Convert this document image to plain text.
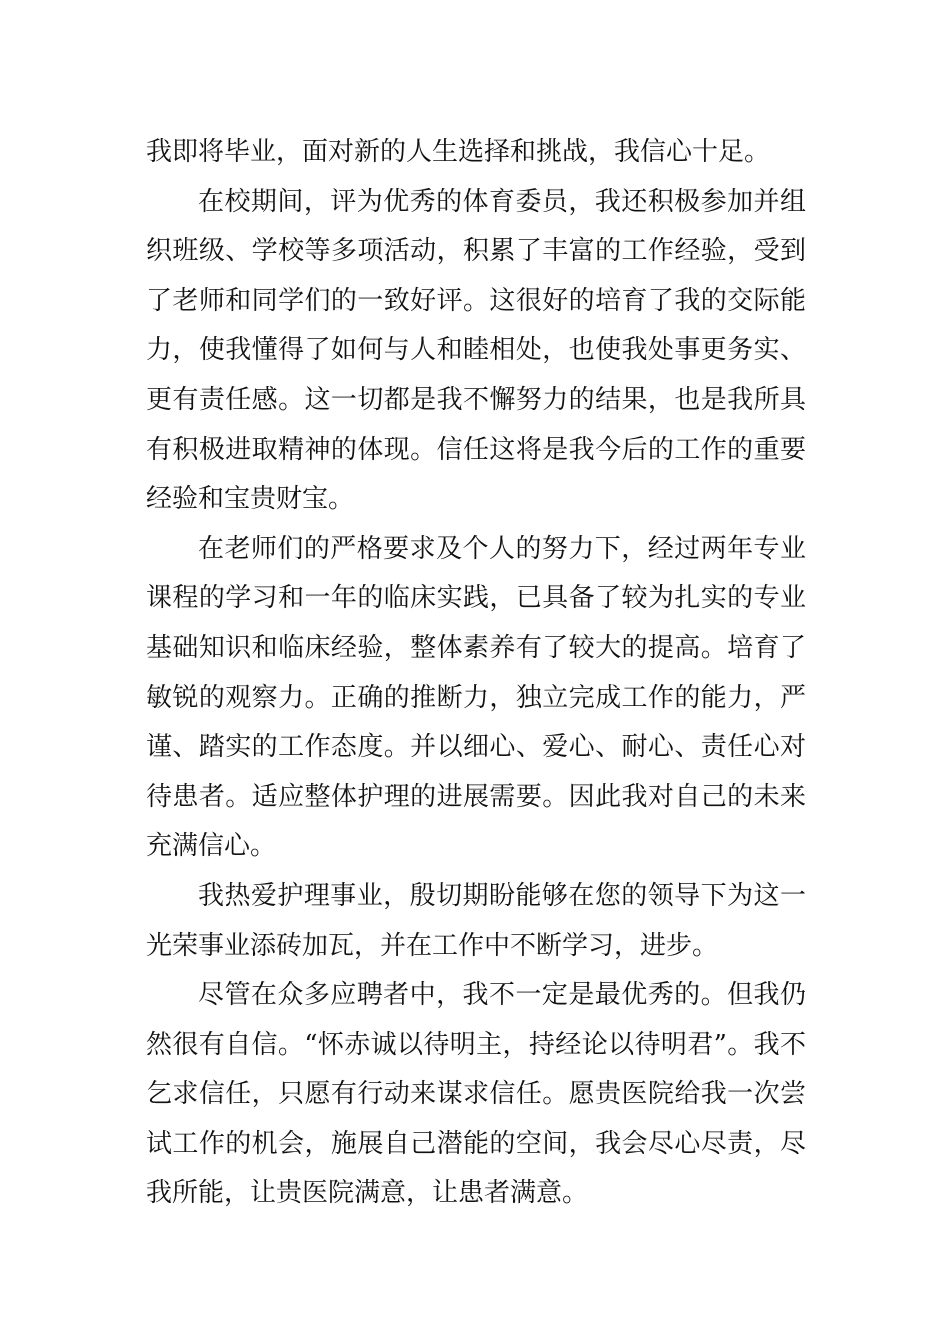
我即将毕业，面对新的人生选择和挑战，我信心十足。

在校期间，评为优秀的体育委员，我还积极参加并组织班级、学校等多项活动，积累了丰富的工作经验，受到了老师和同学们的一致好评。这很好的培育了我的交际能力，使我懂得了如何与人和睦相处，也使我处事更务实、更有责任感。这一切都是我不懈努力的结果，也是我所具有积极进取精神的体现。信任这将是我今后的工作的重要经验和宝贵财宝。

在老师们的严格要求及个人的努力下，经过两年专业课程的学习和一年的临床实践，已具备了较为扎实的专业基础知识和临床经验，整体素养有了较大的提高。培育了敏锐的观察力。正确的推断力，独立完成工作的能力，严谨、踏实的工作态度。并以细心、爱心、耐心、责任心对待患者。适应整体护理的进展需要。因此我对自己的未来充满信心。

我热爱护理事业，殷切期盼能够在您的领导下为这一光荣事业添砖加瓦，并在工作中不断学习，进步。

尽管在众多应聘者中，我不一定是最优秀的。但我仍然很有自信。“怀赤诚以待明主，持经论以待明君”。我不乞求信任，只愿有行动来谋求信任。愿贵医院给我一次尝试工作的机会，施展自己潜能的空间，我会尽心尽责，尽我所能，让贵医院满意，让患者满意。
